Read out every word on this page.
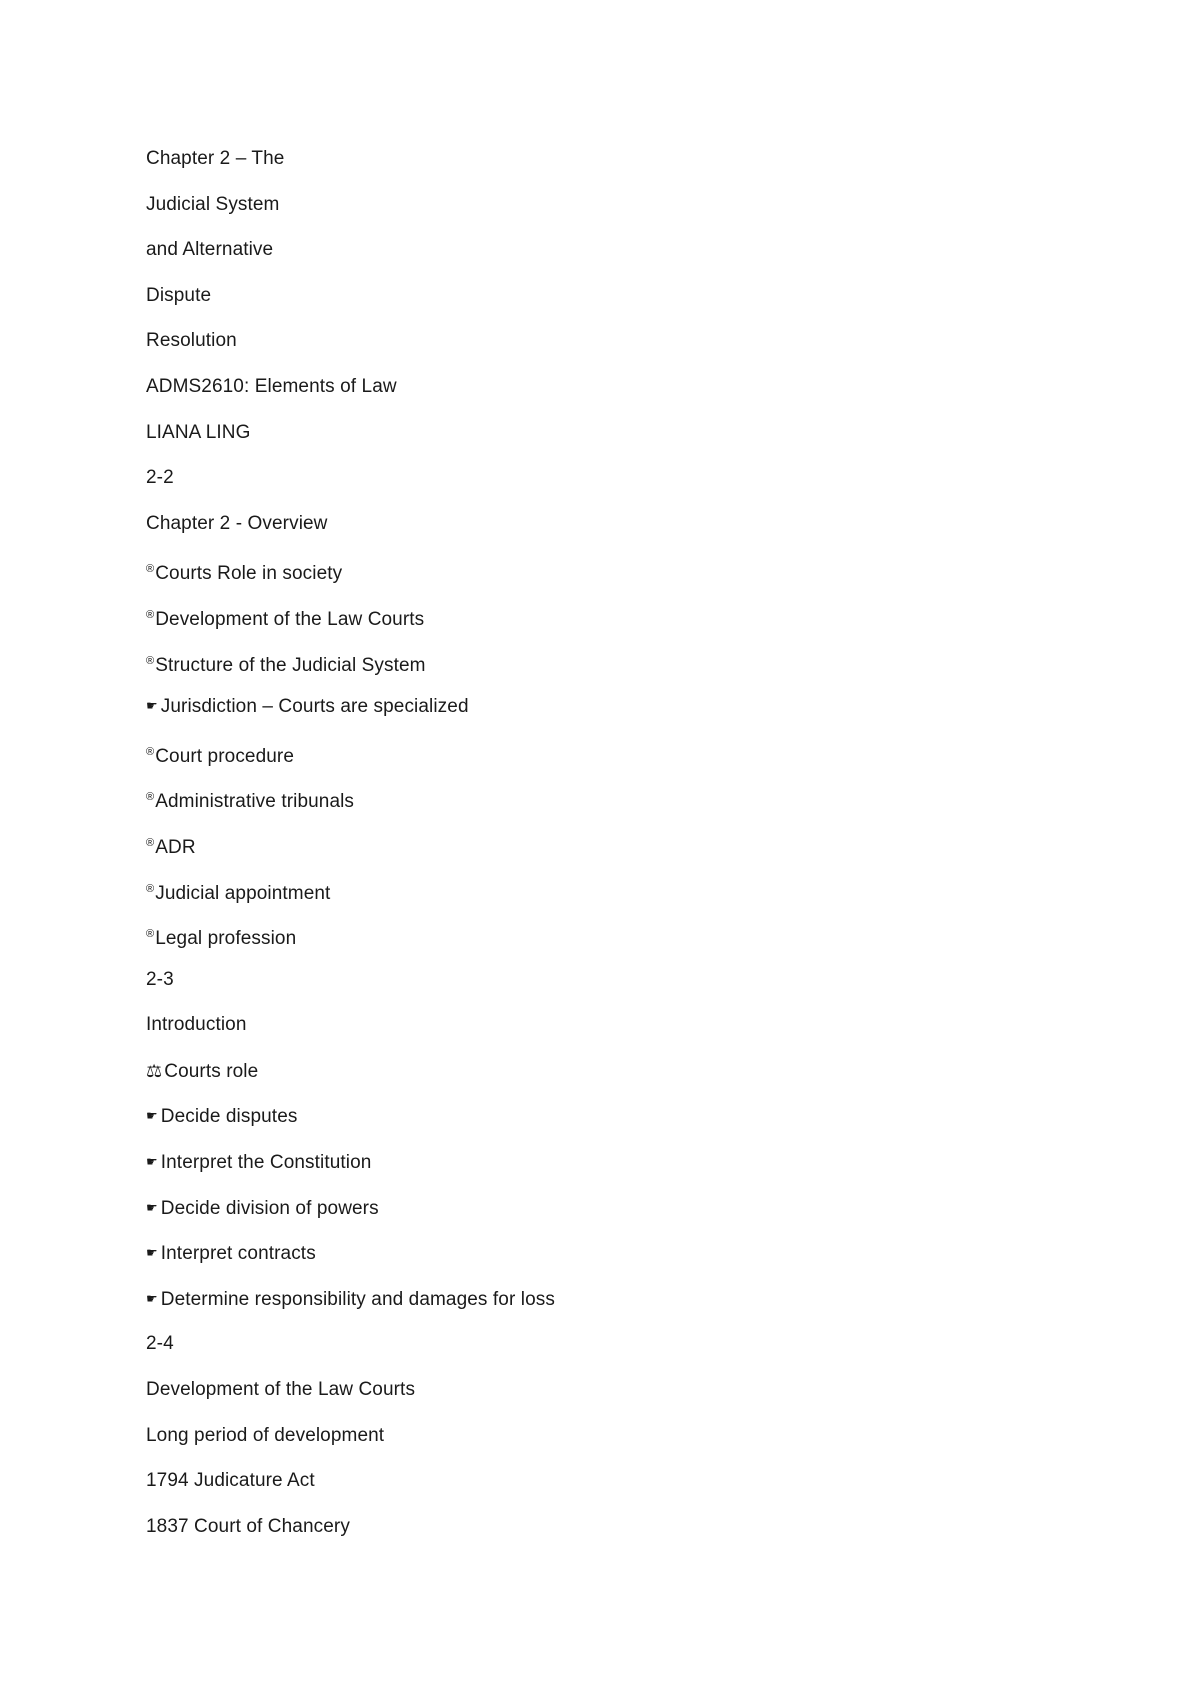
Chapter 2 – The
Judicial System
and Alternative
Dispute
Resolution
ADMS2610: Elements of Law
LIANA LING
2-2
Chapter 2 - Overview
®Courts Role in society
®Development of the Law Courts
®Structure of the Judicial System
☛ Jurisdiction – Courts are specialized
®Court procedure
®Administrative tribunals
®ADR
®Judicial appointment
®Legal profession
2-3
Introduction
⚖ Courts role
☛ Decide disputes
☛ Interpret the Constitution
☛ Decide division of powers
☛ Interpret contracts
☛ Determine responsibility and damages for loss
2-4
Development of the Law Courts
Long period of development
1794 Judicature Act
1837 Court of Chancery
